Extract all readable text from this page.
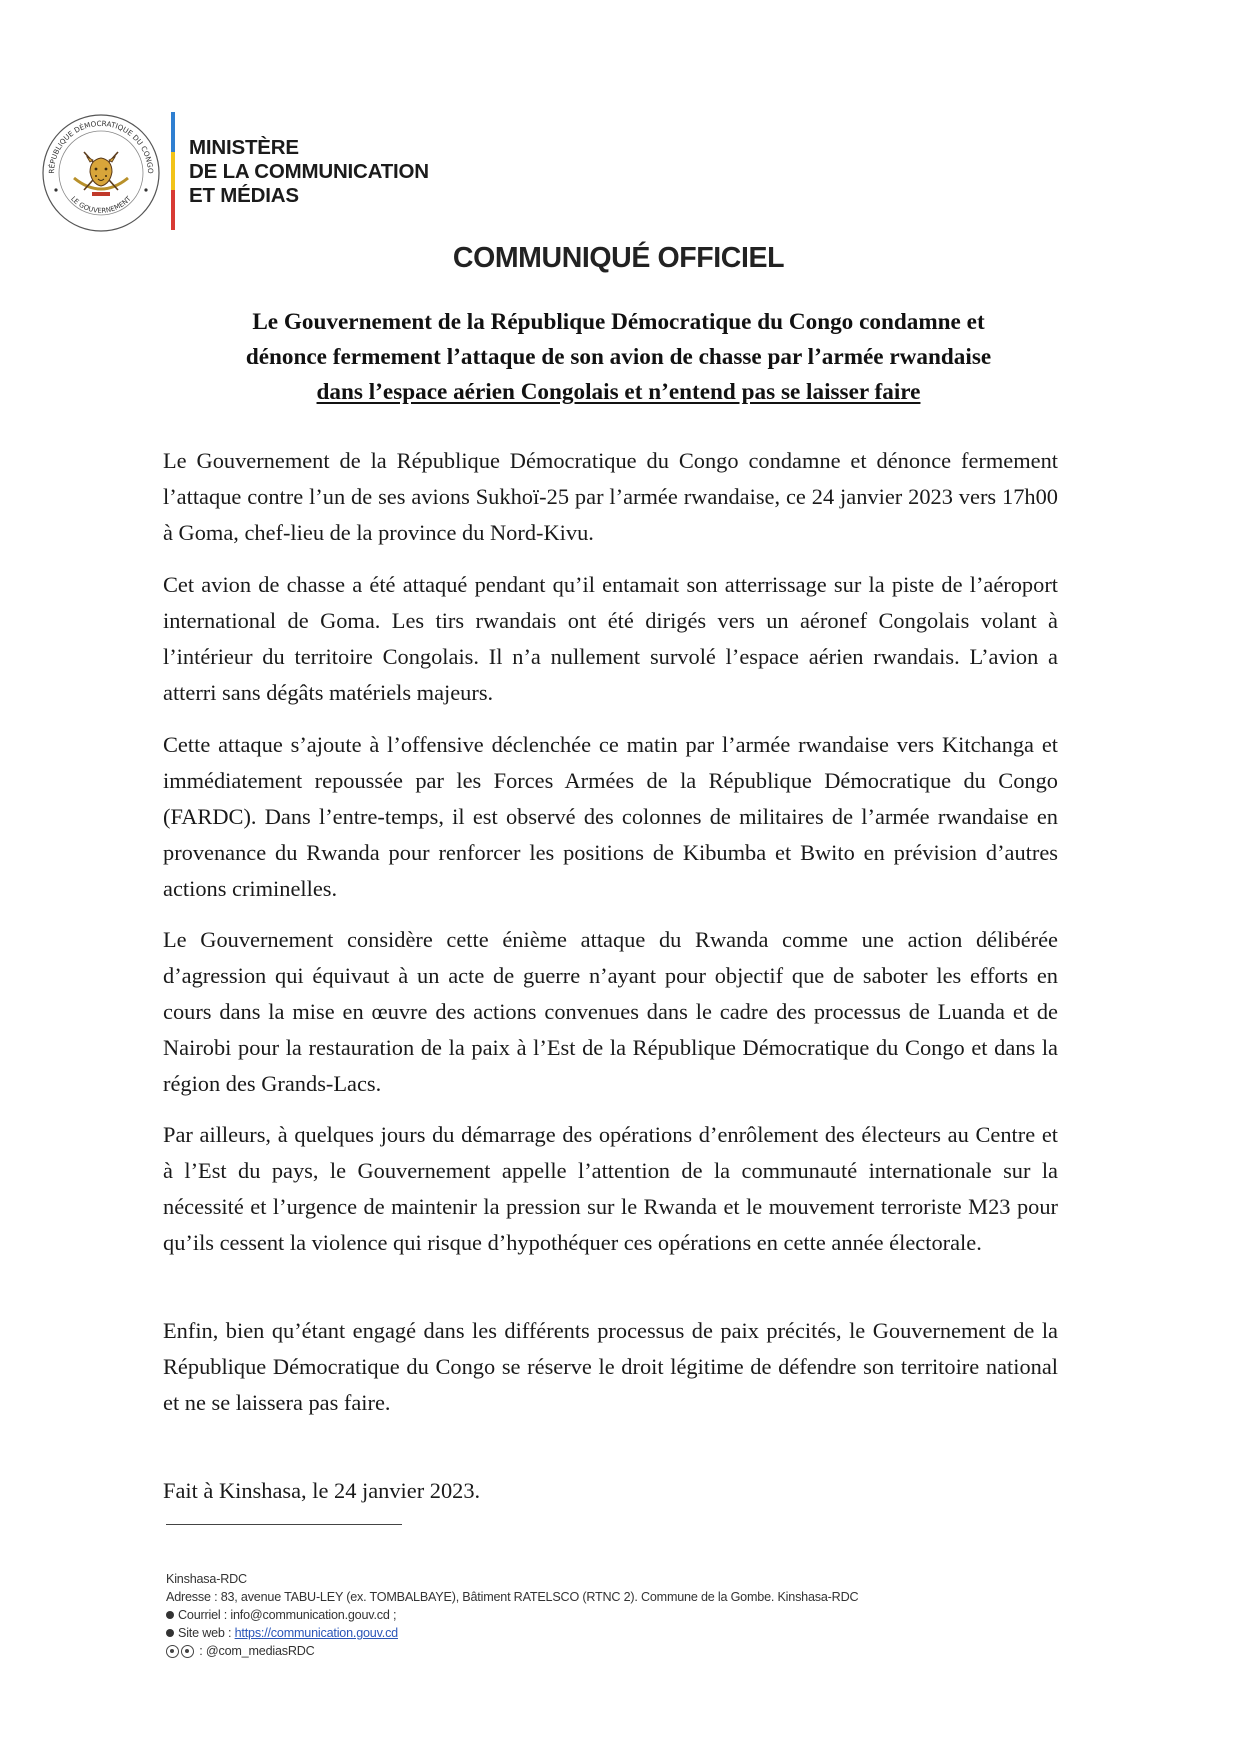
RÉPUBLIQUE DÉMOCRATIQUE DU CONGO
LE GOUVERNEMENT
MINISTÈRE
DE LA COMMUNICATION
ET MÉDIAS
COMMUNIQUÉ OFFICIEL
Le Gouvernement de la République Démocratique du Congo condamne et
dénonce fermement l’attaque de son avion de chasse par l’armée rwandaise
dans l’espace aérien Congolais et n’entend pas se laisser faire
Le Gouvernement de la République Démocratique du Congo condamne et dénonce fermement l’attaque contre l’un de ses avions Sukhoï-25 par l’armée rwandaise, ce 24 janvier 2023 vers 17h00 à Goma, chef-lieu de la province du Nord-Kivu.
Cet avion de chasse a été attaqué pendant qu’il entamait son atterrissage sur la piste de l’aéroport international de Goma. Les tirs rwandais ont été dirigés vers un aéronef Congolais volant à l’intérieur du territoire Congolais. Il n’a nullement survolé l’espace aérien rwandais. L’avion a atterri sans dégâts matériels majeurs.
Cette attaque s’ajoute à l’offensive déclenchée ce matin par l’armée rwandaise vers Kitchanga et immédiatement repoussée par les Forces Armées de la République Démocratique du Congo (FARDC). Dans l’entre-temps, il est observé des colonnes de militaires de l’armée rwandaise en provenance du Rwanda pour renforcer les positions de Kibumba et Bwito en prévision d’autres actions criminelles.
Le Gouvernement considère cette énième attaque du Rwanda comme une action délibérée d’agression qui équivaut à un acte de guerre n’ayant pour objectif que de saboter les efforts en cours dans la mise en œuvre des actions convenues dans le cadre des processus de Luanda et de Nairobi pour la restauration de la paix à l’Est de la République Démocratique du Congo et dans la région des Grands-Lacs.
Par ailleurs, à quelques jours du démarrage des opérations d’enrôlement des électeurs au Centre et à l’Est du pays, le Gouvernement appelle l’attention de la communauté internationale sur la nécessité et l’urgence de maintenir la pression sur le Rwanda et le mouvement terroriste M23 pour qu’ils cessent la violence qui risque d’hypothéquer ces opérations en cette année électorale.
Enfin, bien qu’étant engagé dans les différents processus de paix précités, le Gouvernement de la République Démocratique du Congo se réserve le droit légitime de défendre son territoire national et ne se laissera pas faire.
Fait à Kinshasa, le 24 janvier 2023.
Kinshasa-RDC
Adresse : 83, avenue TABU-LEY (ex. TOMBALBAYE), Bâtiment RATELSCO (RTNC 2). Commune de la Gombe. Kinshasa-RDC
Courriel : info@communication.gouv.cd ;
Site web : https://communication.gouv.cd
: @com_mediasRDC
